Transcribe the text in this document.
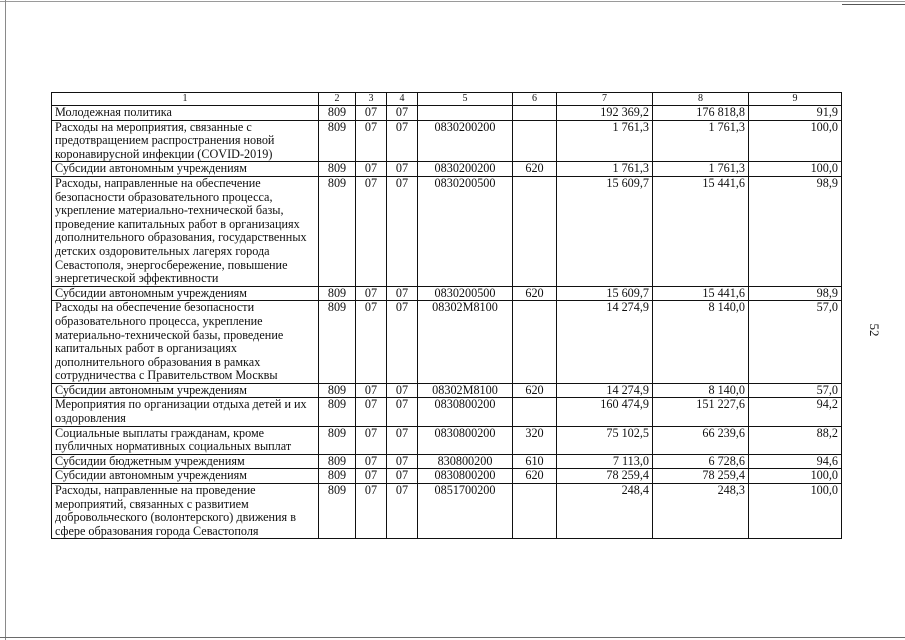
52
1	2	3	4	5	6	7	8	9
Молодежная политика	809	07	07			192 369,2	176 818,8	91,9
Расходы на мероприятия, связанные с предотвращением распространения новой коронавирусной инфекции (COVID-2019)	809	07	07	0830200200		1 761,3	1 761,3	100,0
Субсидии автономным учреждениям	809	07	07	0830200200	620	1 761,3	1 761,3	100,0
Расходы, направленные на обеспечение безопасности образовательного процесса, укрепление материально-технической базы, проведение капитальных работ в организациях дополнительного образования, государственных детских оздоровительных лагерях города Севастополя, энергосбережение, повышение энергетической эффективности	809	07	07	0830200500		15 609,7	15 441,6	98,9
Субсидии автономным учреждениям	809	07	07	0830200500	620	15 609,7	15 441,6	98,9
Расходы на обеспечение безопасности образовательного процесса, укрепление материально-технической базы, проведение капитальных работ в организациях дополнительного образования в рамках сотрудничества с Правительством Москвы	809	07	07	08302М8100		14 274,9	8 140,0	57,0
Субсидии автономным учреждениям	809	07	07	08302М8100	620	14 274,9	8 140,0	57,0
Мероприятия по организации отдыха детей и их оздоровления	809	07	07	0830800200		160 474,9	151 227,6	94,2
Социальные выплаты гражданам, кроме публичных нормативных социальных выплат	809	07	07	0830800200	320	75 102,5	66 239,6	88,2
Субсидии бюджетным учреждениям	809	07	07	830800200	610	7 113,0	6 728,6	94,6
Субсидии автономным учреждениям	809	07	07	0830800200	620	78 259,4	78 259,4	100,0
Расходы, направленные на проведение мероприятий, связанных с развитием добровольческого (волонтерского) движения в сфере образования города Севастополя	809	07	07	0851700200		248,4	248,3	100,0
